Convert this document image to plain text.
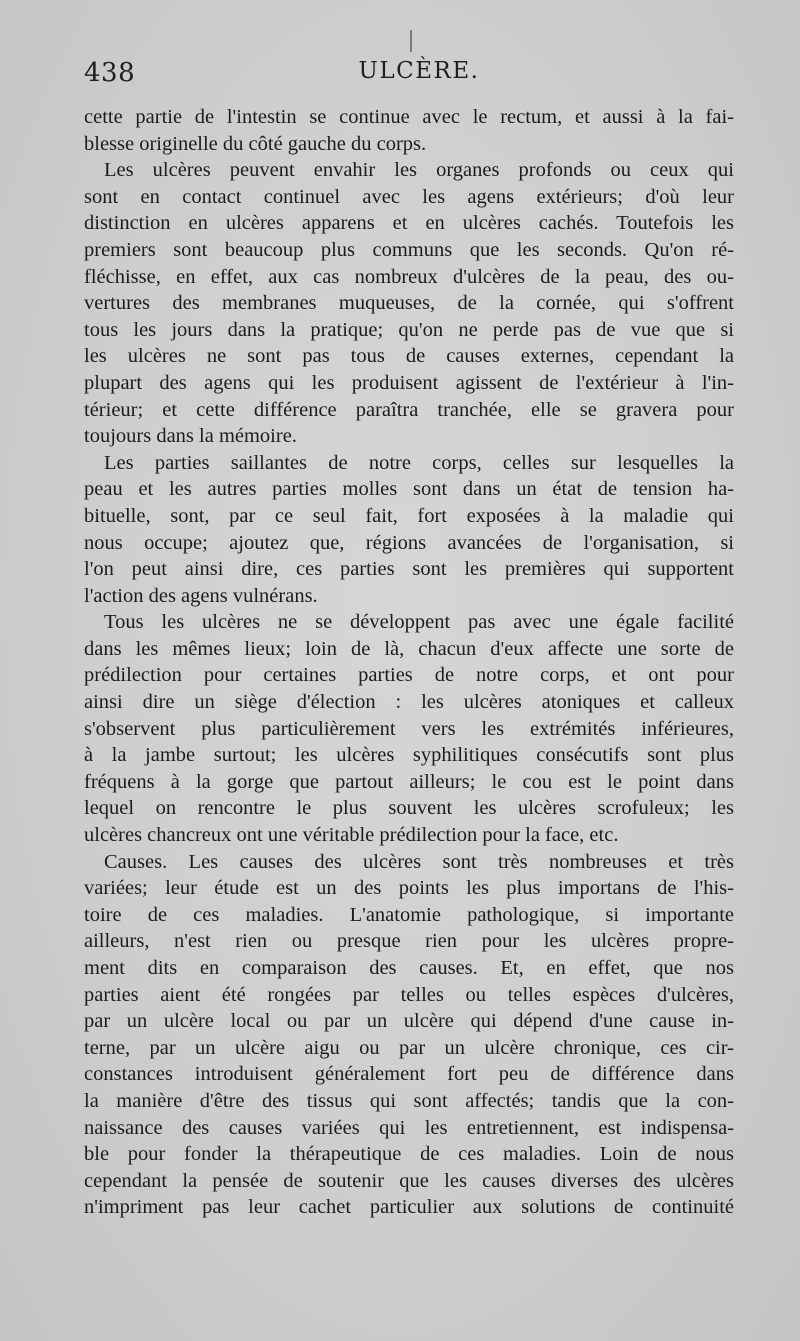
438	ULCÈRE.
cette partie de l'intestin se continue avec le rectum, et aussi à la fai-
blesse originelle du côté gauche du corps.
Les ulcères peuvent envahir les organes profonds ou ceux qui
sont en contact continuel avec les agens extérieurs; d'où leur
distinction en ulcères apparens et en ulcères cachés. Toutefois les
premiers sont beaucoup plus communs que les seconds. Qu'on ré-
fléchisse, en effet, aux cas nombreux d'ulcères de la peau, des ou-
vertures des membranes muqueuses, de la cornée, qui s'offrent
tous les jours dans la pratique; qu'on ne perde pas de vue que si
les ulcères ne sont pas tous de causes externes, cependant la
plupart des agens qui les produisent agissent de l'extérieur à l'in-
térieur; et cette différence paraîtra tranchée, elle se gravera pour
toujours dans la mémoire.
Les parties saillantes de notre corps, celles sur lesquelles la
peau et les autres parties molles sont dans un état de tension ha-
bituelle, sont, par ce seul fait, fort exposées à la maladie qui
nous occupe; ajoutez que, régions avancées de l'organisation, si
l'on peut ainsi dire, ces parties sont les premières qui supportent
l'action des agens vulnérans.
Tous les ulcères ne se développent pas avec une égale facilité
dans les mêmes lieux; loin de là, chacun d'eux affecte une sorte de
prédilection pour certaines parties de notre corps, et ont pour
ainsi dire un siège d'élection : les ulcères atoniques et calleux
s'observent plus particulièrement vers les extrémités inférieures,
à la jambe surtout; les ulcères syphilitiques consécutifs sont plus
fréquens à la gorge que partout ailleurs; le cou est le point dans
lequel on rencontre le plus souvent les ulcères scrofuleux; les
ulcères chancreux ont une véritable prédilection pour la face, etc.
Causes. Les causes des ulcères sont très nombreuses et très
variées; leur étude est un des points les plus importans de l'his-
toire de ces maladies. L'anatomie pathologique, si importante
ailleurs, n'est rien ou presque rien pour les ulcères propre-
ment dits en comparaison des causes. Et, en effet, que nos
parties aient été rongées par telles ou telles espèces d'ulcères,
par un ulcère local ou par un ulcère qui dépend d'une cause in-
terne, par un ulcère aigu ou par un ulcère chronique, ces cir-
constances introduisent généralement fort peu de différence dans
la manière d'être des tissus qui sont affectés; tandis que la con-
naissance des causes variées qui les entretiennent, est indispensa-
ble pour fonder la thérapeutique de ces maladies. Loin de nous
cependant la pensée de soutenir que les causes diverses des ulcères
n'impriment pas leur cachet particulier aux solutions de continuité
